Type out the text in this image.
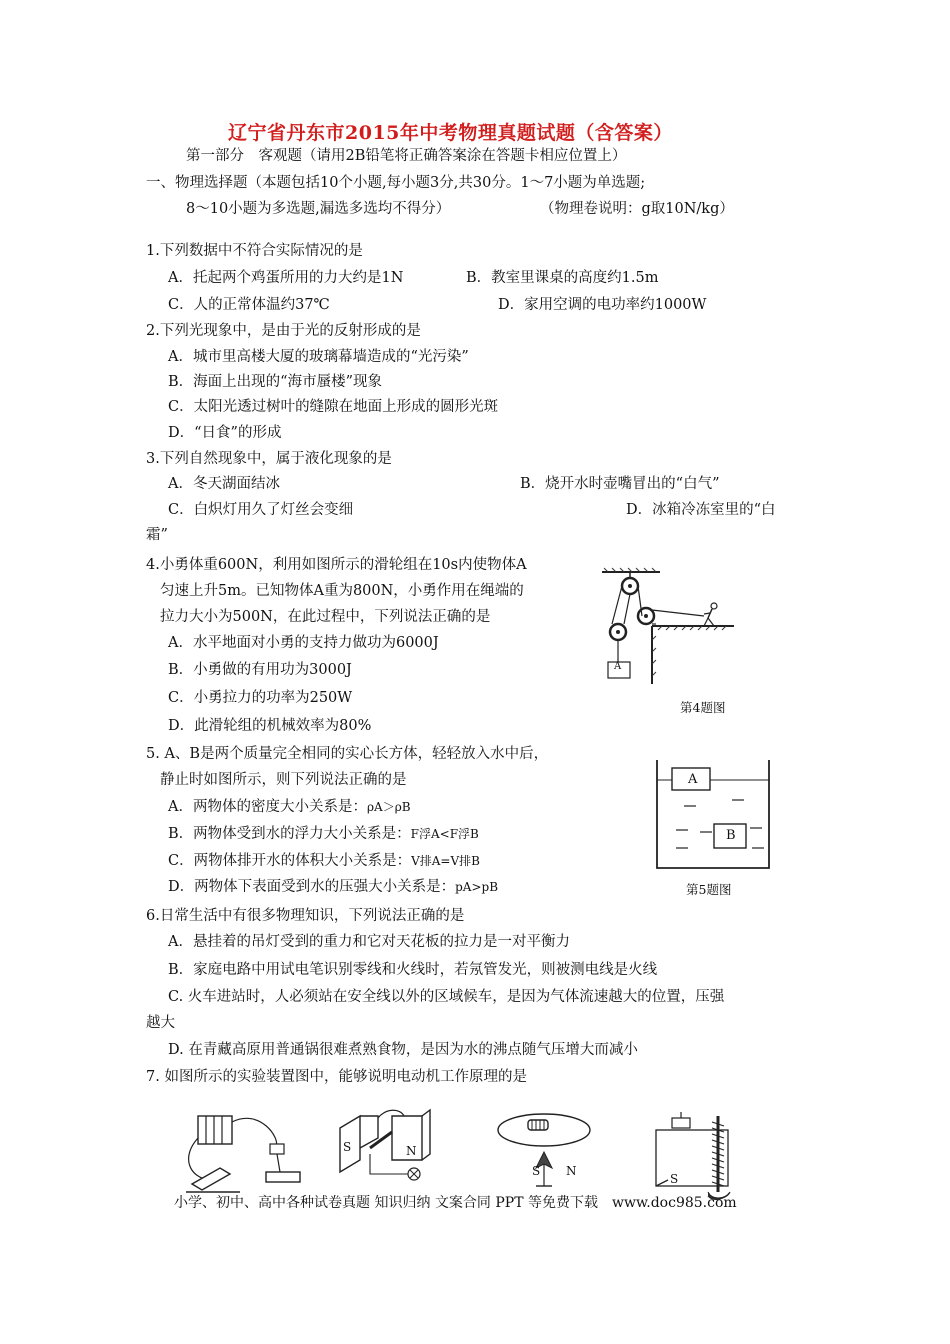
辽宁省丹东市2015年中考物理真题试题（含答案）
第一部分　客观题（请用2B铅笔将正确答案涂在答题卡相应位置上）
一、物理选择题（本题包括10个小题,每小题3分,共30分。1～7小题为单选题;
8～10小题为多选题,漏选多选均不得分）	（物理卷说明：g取10N/kg）
1.下列数据中不符合实际情况的是
A．托起两个鸡蛋所用的力大约是1N	B．教室里课桌的高度约1.5m
C．人的正常体温约37℃	D．家用空调的电功率约1000W
2.下列光现象中，是由于光的反射形成的是
A．城市里高楼大厦的玻璃幕墙造成的“光污染”
B．海面上出现的“海市蜃楼”现象
C．太阳光透过树叶的缝隙在地面上形成的圆形光斑
D．“日食”的形成
3.下列自然现象中，属于液化现象的是
A．冬天湖面结冰	B．烧开水时壶嘴冒出的“白气”
C．白炽灯用久了灯丝会变细	D．冰箱冷冻室里的“白
霜”
4.小勇体重600N，利用如图所示的滑轮组在10s内使物体A
匀速上升5m。已知物体A重为800N，小勇作用在绳端的
拉力大小为500N，在此过程中，下列说法正确的是
A．水平地面对小勇的支持力做功为6000J
B．小勇做的有用功为3000J
C．小勇拉力的功率为250W
D．此滑轮组的机械效率为80%
A
第4题图
5. A、B是两个质量完全相同的实心长方体，轻轻放入水中后，
静止时如图所示，则下列说法正确的是
A．两物体的密度大小关系是：ρA＞ρB
B．两物体受到水的浮力大小关系是：F浮A<F浮B
C．两物体排开水的体积大小关系是：V排A=V排B
D．两物体下表面受到水的压强大小关系是：pA>pB
A
B
第5题图
6.日常生活中有很多物理知识，下列说法正确的是
A．悬挂着的吊灯受到的重力和它对天花板的拉力是一对平衡力
B．家庭电路中用试电笔识别零线和火线时，若氖管发光，则被测电线是火线
C. 火车进站时，人必须站在安全线以外的区域候车，是因为气体流速越大的位置，压强
越大
D. 在青藏高原用普通锅很难煮熟食物，是因为水的沸点随气压增大而减小
7. 如图所示的实验装置图中，能够说明电动机工作原理的是
S	N
S N
S
小学、初中、高中各种试卷真题 知识归纳 文案合同 PPT 等免费下载　www.doc985.com
